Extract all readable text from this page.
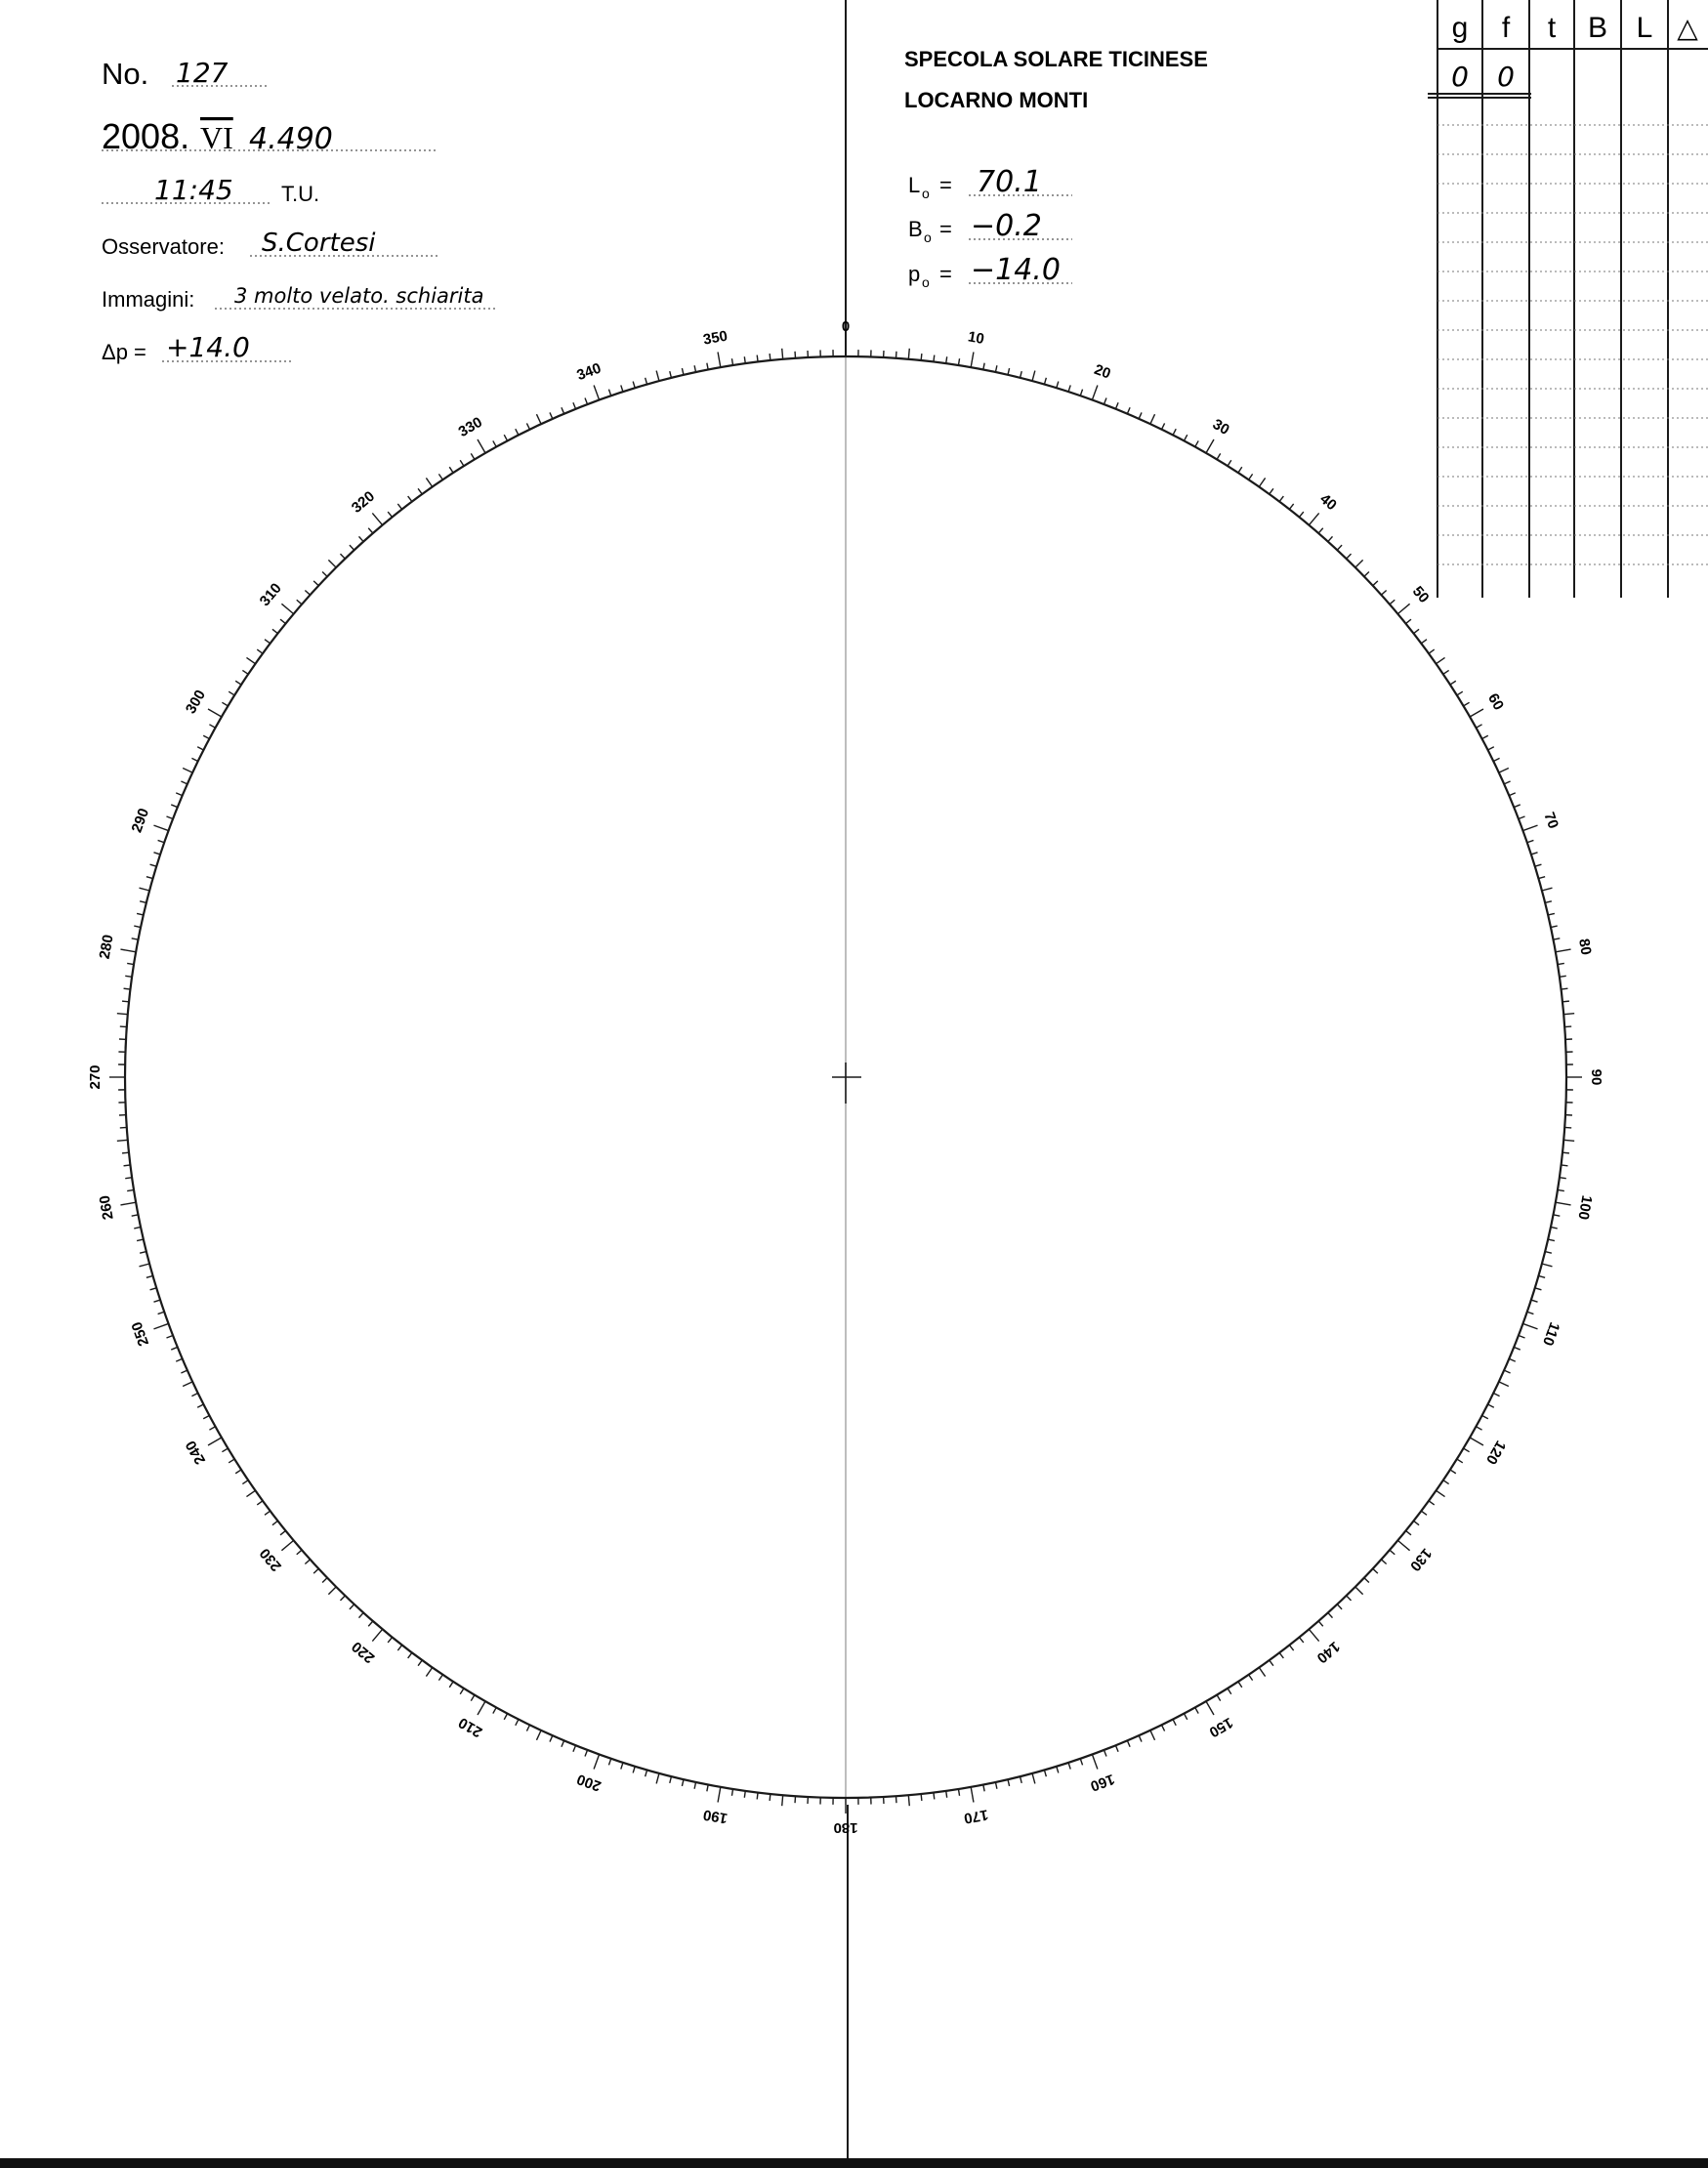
0
10
20
30
40
50
60
70
80
90
100
110
120
130
140
150
160
170
180
190
200
210
220
230
240
250
260
270
280
290
300
310
320
330
340
350
No. 127
2008. VI 4.490
11:45 T.U.
Osservatore: S.Cortesi
Immagini: 3 molto velato. schiarita
Δp = +14.0
SPECOLA SOLARE TICINESE
LOCARNO MONTI
L o = 70.1
B o = −0.2
p o = −14.0
g f t B L △
0 0
